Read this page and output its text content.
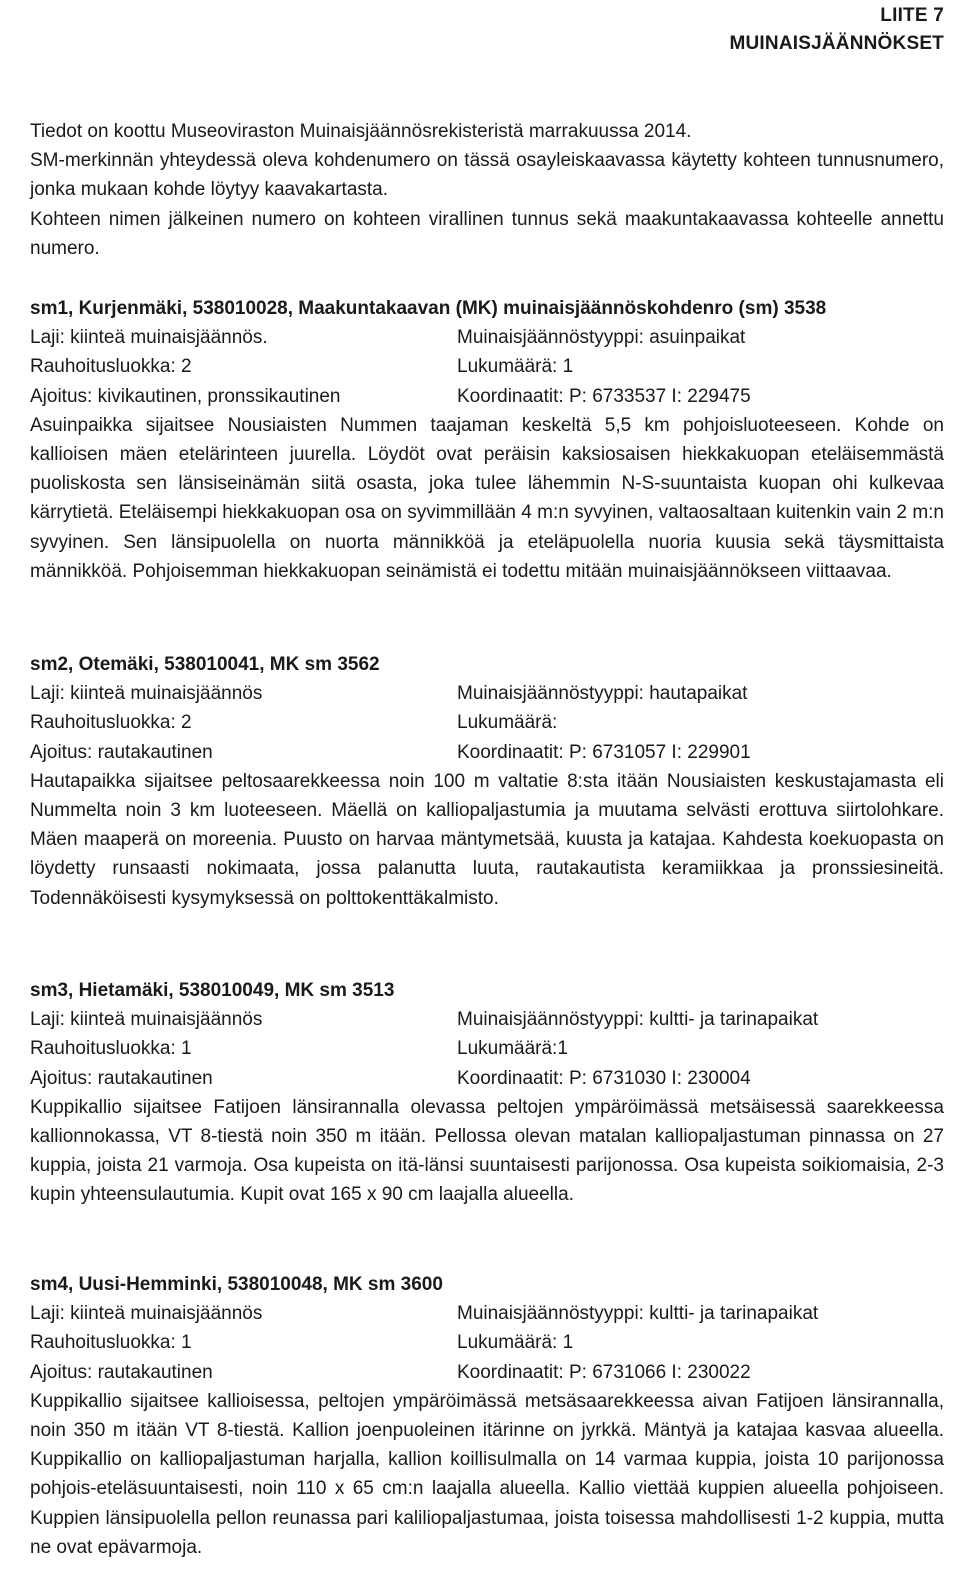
LIITE 7
MUINAISJÄÄNNÖKSET

Tiedot on koottu Museoviraston Muinaisjäännösrekisteristä marrakuussa 2014.

SM-merkinnän yhteydessä oleva kohdenumero on tässä osayleiskaavassa käytetty kohteen tunnusnumero, jonka mukaan kohde löytyy kaavakartasta.

Kohteen nimen jälkeinen numero on kohteen virallinen tunnus sekä maakuntakaavassa kohteelle annettu numero.

sm1, Kurjenmäki, 538010028, Maakuntakaavan (MK) muinaisjäännöskohdenro (sm) 3538

Laji: kiinteä muinaisjäännös.	Muinaisjäännöstyyppi: asuinpaikat
Rauhoitusluokka: 2	Lukumäärä: 1
Ajoitus: kivikautinen, pronssikautinen	Koordinaatit: P: 6733537 I: 229475

Asuinpaikka sijaitsee Nousiaisten Nummen taajaman keskeltä 5,5 km pohjoisluoteeseen. Kohde on kallioisen mäen etelärinteen juurella. Löydöt ovat peräisin kaksiosaisen hiekkakuopan eteläisemmästä puoliskosta sen länsiseinämän siitä osasta, joka tulee lähemmin N-S-suuntaista kuopan ohi kulkevaa kärrytietä. Eteläisempi hiekkakuopan osa on syvimmillään 4 m:n syvyinen, valtaosaltaan kuitenkin vain 2 m:n syvyinen. Sen länsipuolella on nuorta männikköä ja eteläpuolella nuoria kuusia sekä täysmittaista männikköä. Pohjoisemman hiekkakuopan seinämistä ei todettu mitään muinaisjäännökseen viittaavaa.

sm2, Otemäki, 538010041, MK sm 3562

Laji: kiinteä muinaisjäännös	Muinaisjäännöstyyppi: hautapaikat
Rauhoitusluokka: 2	Lukumäärä:
Ajoitus: rautakautinen	Koordinaatit: P: 6731057 I: 229901

Hautapaikka sijaitsee peltosaarekkeessa noin 100 m valtatie 8:sta itään Nousiaisten keskustajamasta eli Nummelta noin 3 km luoteeseen. Mäellä on kalliopaljastumia ja muutama selvästi erottuva siirtolohkare. Mäen maaperä on moreenia. Puusto on harvaa mäntymetsää, kuusta ja katajaa. Kahdesta koekuopasta on löydetty runsaasti nokimaata, jossa palanutta luuta, rautakautista keramiikkaa ja pronssiesineitä. Todennäköisesti kysymyksessä on polttokenttäkalmisto.

sm3, Hietamäki, 538010049, MK sm 3513

Laji: kiinteä muinaisjäännös	Muinaisjäännöstyyppi: kultti- ja tarinapaikat
Rauhoitusluokka: 1	Lukumäärä:1
Ajoitus: rautakautinen	Koordinaatit: P: 6731030 I: 230004

Kuppikallio sijaitsee Fatijoen länsirannalla olevassa peltojen ympäröimässä metsäisessä saarekkeessa kallionnokassa, VT 8-tiestä noin 350 m itään. Pellossa olevan matalan kalliopaljastuman pinnassa on 27 kuppia, joista 21 varmoja. Osa kupeista on itä-länsi suuntaisesti parijonossa. Osa kupeista soikiomaisia, 2-3 kupin yhteensulautumia. Kupit ovat 165 x 90 cm laajalla alueella.

sm4, Uusi-Hemminki, 538010048, MK sm 3600

Laji: kiinteä muinaisjäännös	Muinaisjäännöstyyppi: kultti- ja tarinapaikat
Rauhoitusluokka: 1	Lukumäärä: 1
Ajoitus: rautakautinen	Koordinaatit: P: 6731066 I: 230022

Kuppikallio sijaitsee kallioisessa, peltojen ympäröimässä metsäsaarekkeessa aivan Fatijoen länsirannalla, noin 350 m itään VT 8-tiestä. Kallion joenpuoleinen itärinne on jyrkkä. Mäntyä ja katajaa kasvaa alueella. Kuppikallio on kalliopaljastuman harjalla, kallion koillisulmalla on 14 varmaa kuppia, joista 10 parijonossa pohjois-eteläsuuntaisesti, noin 110 x 65 cm:n laajalla alueella. Kallio viettää kuppien alueella pohjoiseen. Kuppien länsipuolella pellon reunassa pari kaliliopaljastumaa, joista toisessa mahdollisesti 1-2 kuppia, mutta ne ovat epävarmoja.
